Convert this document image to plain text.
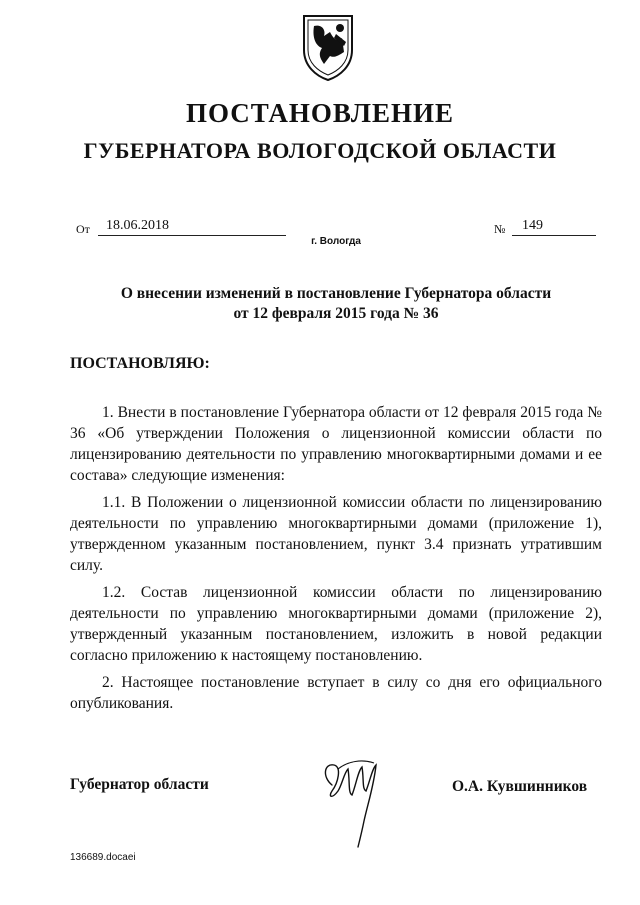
ПОСТАНОВЛЕНИЕ
ГУБЕРНАТОРА ВОЛОГОДСКОЙ ОБЛАСТИ
От 18.06.2018	№ 149
г. Вологда
О внесении изменений в постановление Губернатора области
от 12 февраля 2015 года № 36
ПОСТАНОВЛЯЮ:

1. Внести в постановление Губернатора области от 12 февраля 2015 года № 36 «Об утверждении Положения о лицензионной комиссии области по лицензированию деятельности по управлению многоквартирными домами и ее состава» следующие изменения:

1.1. В Положении о лицензионной комиссии области по лицензированию деятельности по управлению многоквартирными домами (приложение 1), утвержденном указанным постановлением, пункт 3.4 признать утратившим силу.

1.2. Состав лицензионной комиссии области по лицензированию деятельности по управлению многоквартирными домами (приложение 2), утвержденный указанным постановлением, изложить в новой редакции согласно приложению к настоящему постановлению.

2. Настоящее постановление вступает в силу со дня его официального опубликования.

Губернатор области	О.А. Кувшинников
136689.docaei
